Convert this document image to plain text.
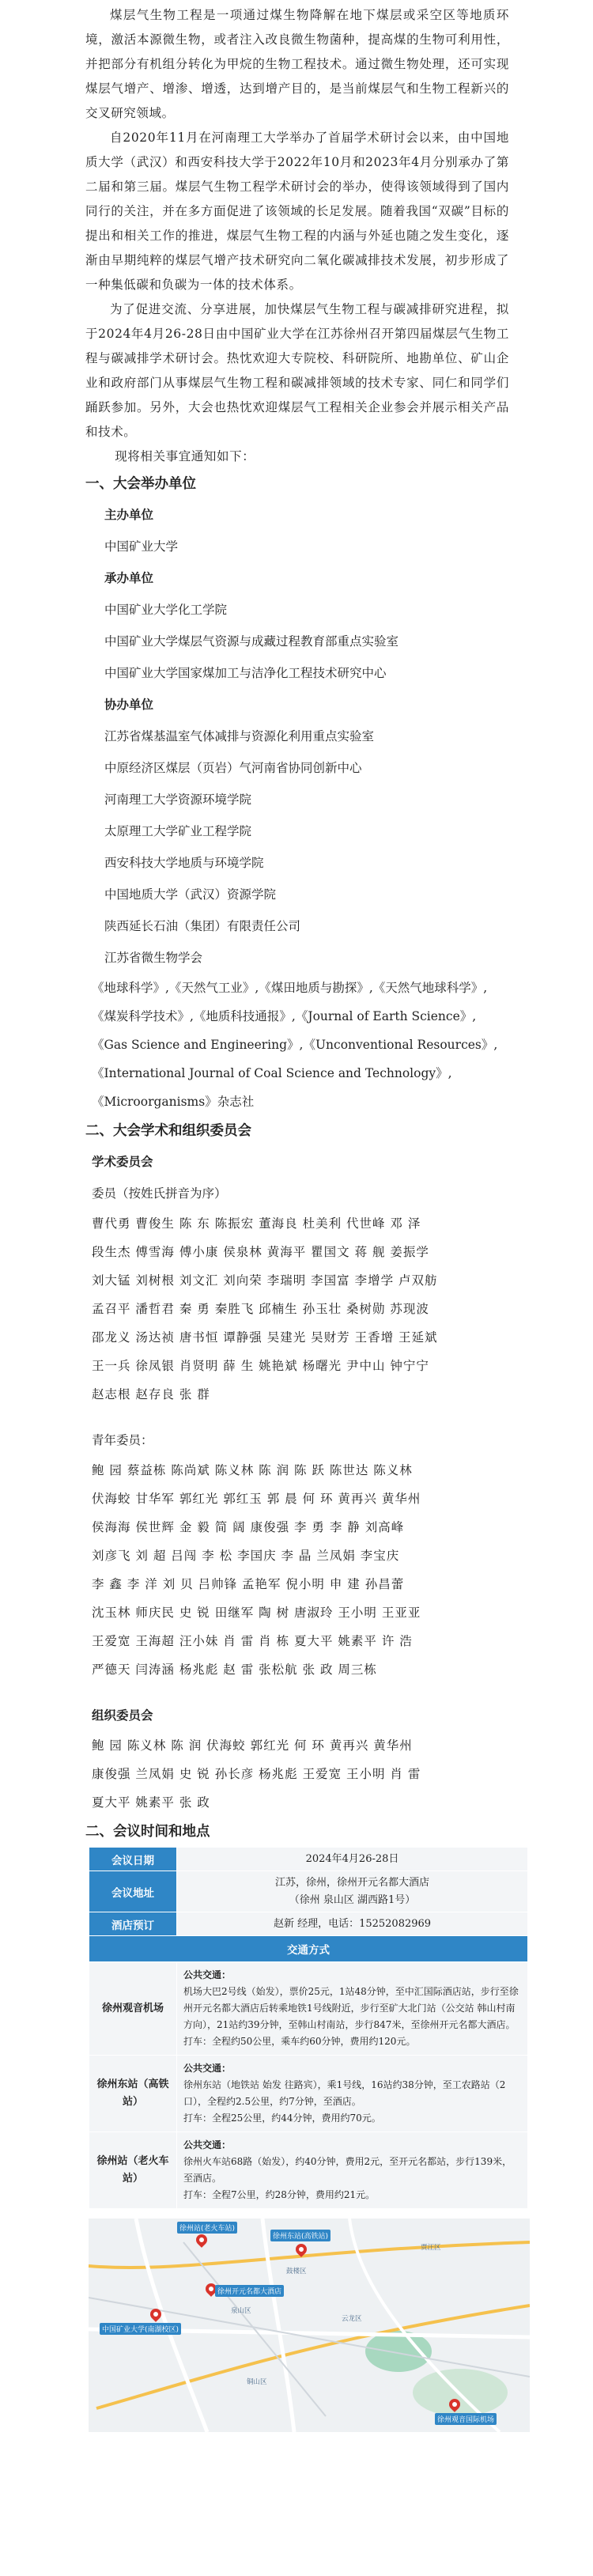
煤层气生物工程是一项通过煤生物降解在地下煤层或采空区等地质环境，激活本源微生物，或者注入改良微生物菌种，提高煤的生物可利用性，并把部分有机组分转化为甲烷的生物工程技术。通过微生物处理，还可实现煤层气增产、增渗、增透，达到增产目的，是当前煤层气和生物工程新兴的交叉研究领域。

自2020年11月在河南理工大学举办了首届学术研讨会以来，由中国地质大学（武汉）和西安科技大学于2022年10月和2023年4月分别承办了第二届和第三届。煤层气生物工程学术研讨会的举办，使得该领域得到了国内同行的关注，并在多方面促进了该领域的长足发展。随着我国“双碳”目标的提出和相关工作的推进，煤层气生物工程的内涵与外延也随之发生变化，逐渐由早期纯粹的煤层气增产技术研究向二氧化碳减排技术发展，初步形成了一种集低碳和负碳为一体的技术体系。

为了促进交流、分享进展，加快煤层气生物工程与碳减排研究进程，拟于2024年4月26-28日由中国矿业大学在江苏徐州召开第四届煤层气生物工程与碳减排学术研讨会。热忱欢迎大专院校、科研院所、地勘单位、矿山企业和政府部门从事煤层气生物工程和碳减排领域的技术专家、同仁和同学们踊跃参加。另外，大会也热忱欢迎煤层气工程相关企业参会并展示相关产品和技术。

现将相关事宜通知如下：

一、大会举办单位
主办单位
中国矿业大学
承办单位
中国矿业大学化工学院
中国矿业大学煤层气资源与成藏过程教育部重点实验室
中国矿业大学国家煤加工与洁净化工程技术研究中心
协办单位
江苏省煤基温室气体减排与资源化利用重点实验室
中原经济区煤层（页岩）气河南省协同创新中心
河南理工大学资源环境学院
太原理工大学矿业工程学院
西安科技大学地质与环境学院
中国地质大学（武汉）资源学院
陕西延长石油（集团）有限责任公司
江苏省微生物学会
《地球科学》,《天然气工业》,《煤田地质与勘探》,《天然气地球科学》,
《煤炭科学技术》,《地质科技通报》,《Journal of Earth Science》,
《Gas Science and Engineering》,《Unconventional Resources》,
《International Journal of Coal Science and Technology》,
《Microorganisms》杂志社
二、大会学术和组织委员会
学术委员会
委员（按姓氏拼音为序）
曹代勇 曹俊生 陈 东 陈振宏 董海良 杜美利 代世峰 邓 泽
段生杰 傅雪海 傅小康 侯泉林 黄海平 瞿国文 蒋 舰 姜振学
刘大锰 刘树根 刘文汇 刘向荣 李瑞明 李国富 李增学 卢双舫
孟召平 潘哲君 秦 勇 秦胜飞 邱楠生 孙玉壮 桑树勋 苏现波
邵龙义 汤达祯 唐书恒 谭静强 吴建光 吴财芳 王香增 王延斌
王一兵 徐凤银 肖贤明 薛 生 姚艳斌 杨曙光 尹中山 钟宁宁
赵志根 赵存良 张 群
青年委员：
鲍 园 蔡益栋 陈尚斌 陈义林 陈 润 陈 跃 陈世达 陈义林
伏海蛟 甘华军 郭红光 郭红玉 郭 晨 何 环 黄再兴 黄华州
侯海海 侯世辉 金 毅 简 阔 康俊强 李 勇 李 静 刘高峰
刘彦飞 刘 超 吕闯 李 松 李国庆 李 晶 兰凤娟 李宝庆
李 鑫 李 洋 刘 贝 吕帅锋 孟艳军 倪小明 申 建 孙昌蕾
沈玉林 师庆民 史 锐 田继军 陶 树 唐淑玲 王小明 王亚亚
王爱宽 王海超 汪小妹 肖 雷 肖 栋 夏大平 姚素平 许 浩
严德天 闫涛涵 杨兆彪 赵 雷 张松航 张 政 周三栋
组织委员会
鲍 园 陈义林 陈 润 伏海蛟 郭红光 何 环 黄再兴 黄华州
康俊强 兰凤娟 史 锐 孙长彦 杨兆彪 王爱宽 王小明 肖 雷
夏大平 姚素平 张 政
二、会议时间和地点
会议日期	2024年4月26-28日
会议地址	江苏，徐州，徐州开元名都大酒店
（徐州 泉山区 湖西路1号）

酒店预订	赵新 经理，电话：15252082969
交通方式	
徐州观音机场	公共交通：
机场大巴2号线（始发），票价25元，1站48分钟，至中汇国际酒店站，步行至徐州开元名都大酒店后转乘地铁1号线附近，步行至矿大北门站（公交站 韩山村南方向），21站约39分钟，至韩山村南站，步行847米，至徐州开元名都大酒店。
打车：全程约50公里，乘车约60分钟，费用约120元。
徐州东站（高铁站）	公共交通：
徐州东站（地铁站 始发 往路宾），乘1号线，16站约38分钟，至工农路站（2口），全程约2.5公里，约7分钟，至酒店。
打车：全程25公里，约44分钟，费用约70元。
徐州站（老火车站）	公共交通：
徐州火车站68路（始发），约40分钟，费用2元，至开元名都站，步行139米，至酒店。
打车：全程7公里，约28分钟，费用约21元。
泉山区
鼓楼区
云龙区
铜山区
贾汪区
徐州站(老火车站)
徐州东站(高铁站)
中国矿业大学(南湖校区)
徐州开元名都大酒店
徐州观音国际机场
